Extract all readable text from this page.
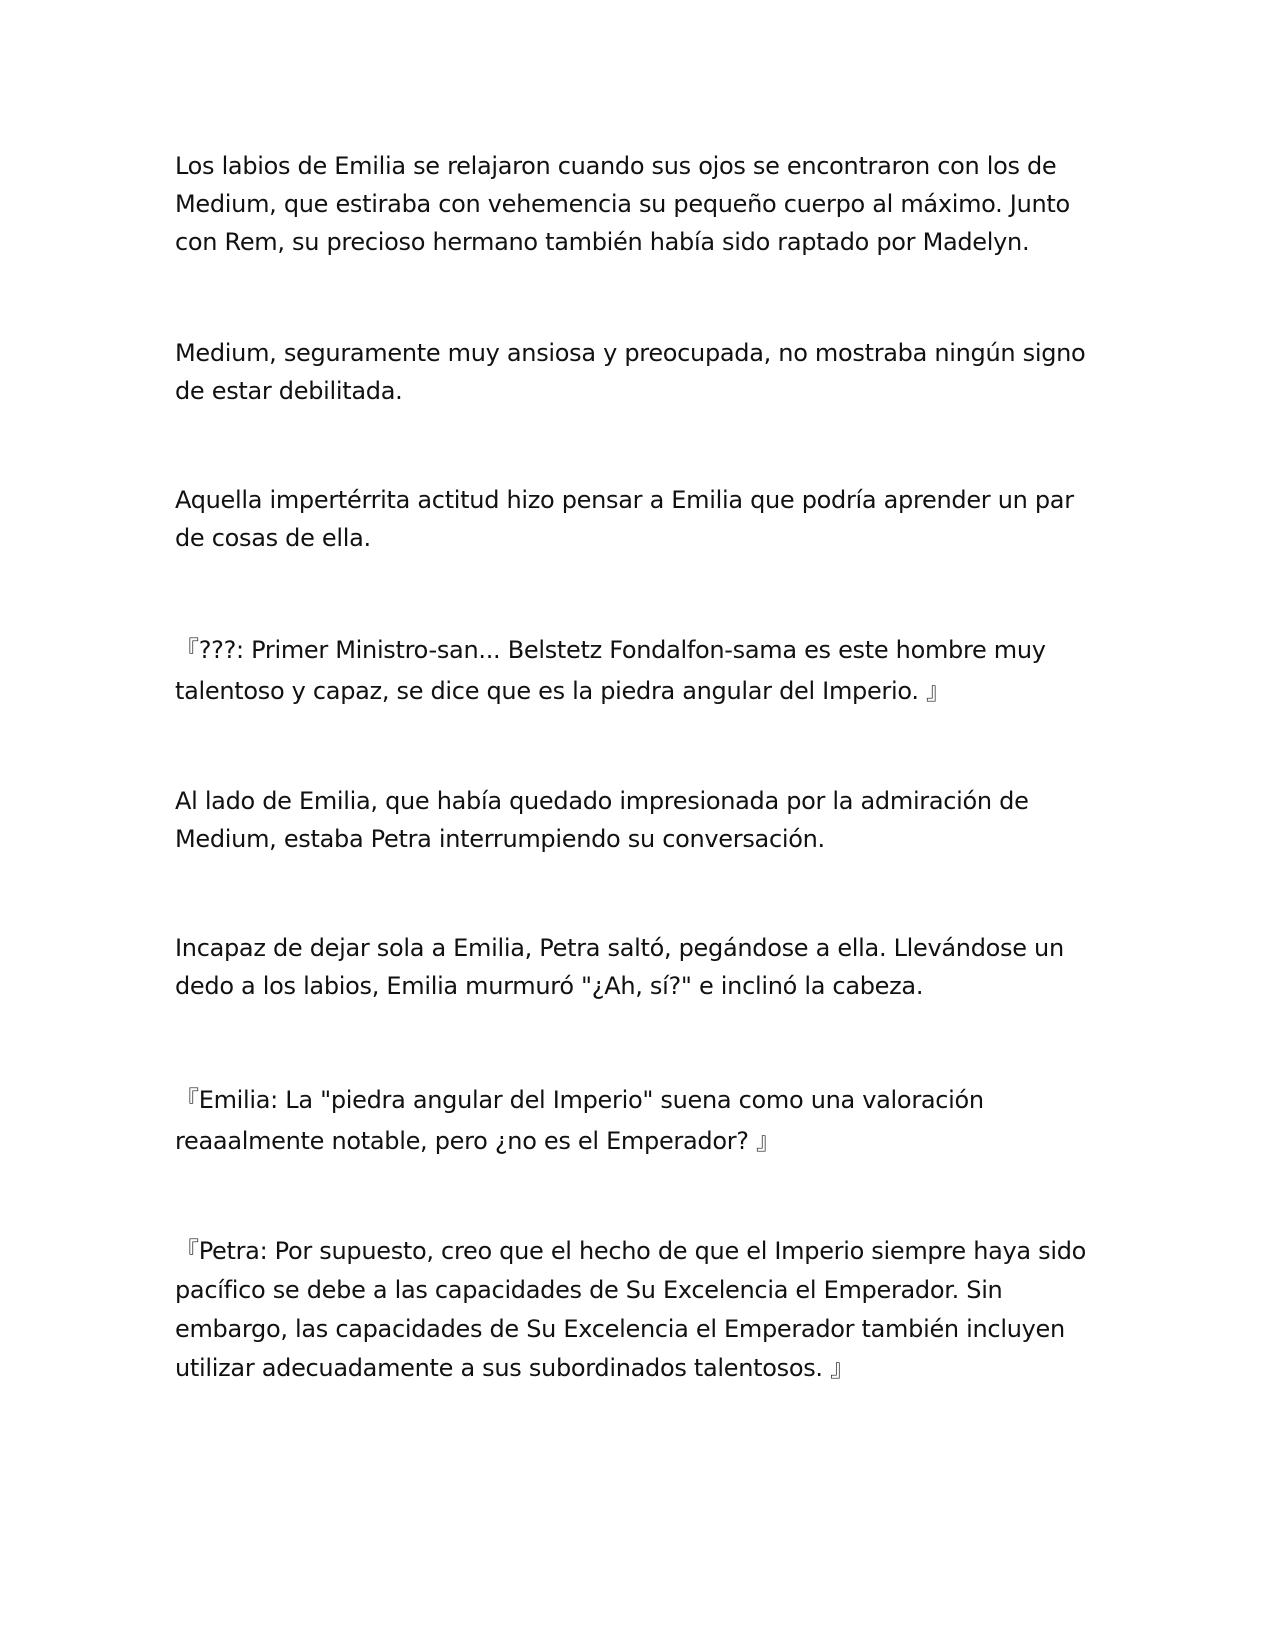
Los labios de Emilia se relajaron cuando sus ojos se encontraron con los de Medium, que estiraba con vehemencia su pequeño cuerpo al máximo. Junto con Rem, su precioso hermano también había sido raptado por Madelyn.

Medium, seguramente muy ansiosa y preocupada, no mostraba ningún signo de estar debilitada.

Aquella impertérrita actitud hizo pensar a Emilia que podría aprender un par de cosas de ella.

『???: Primer Ministro-san... Belstetz Fondalfon-sama es este hombre muy talentoso y capaz, se dice que es la piedra angular del Imperio. 』

Al lado de Emilia, que había quedado impresionada por la admiración de Medium, estaba Petra interrumpiendo su conversación.

Incapaz de dejar sola a Emilia, Petra saltó, pegándose a ella. Llevándose un dedo a los labios, Emilia murmuró "¿Ah, sí?" e inclinó la cabeza.

『Emilia: La "piedra angular del Imperio" suena como una valoración reaaalmente notable, pero ¿no es el Emperador? 』

『Petra: Por supuesto, creo que el hecho de que el Imperio siempre haya sido pacífico se debe a las capacidades de Su Excelencia el Emperador. Sin embargo, las capacidades de Su Excelencia el Emperador también incluyen utilizar adecuadamente a sus subordinados talentosos. 』
